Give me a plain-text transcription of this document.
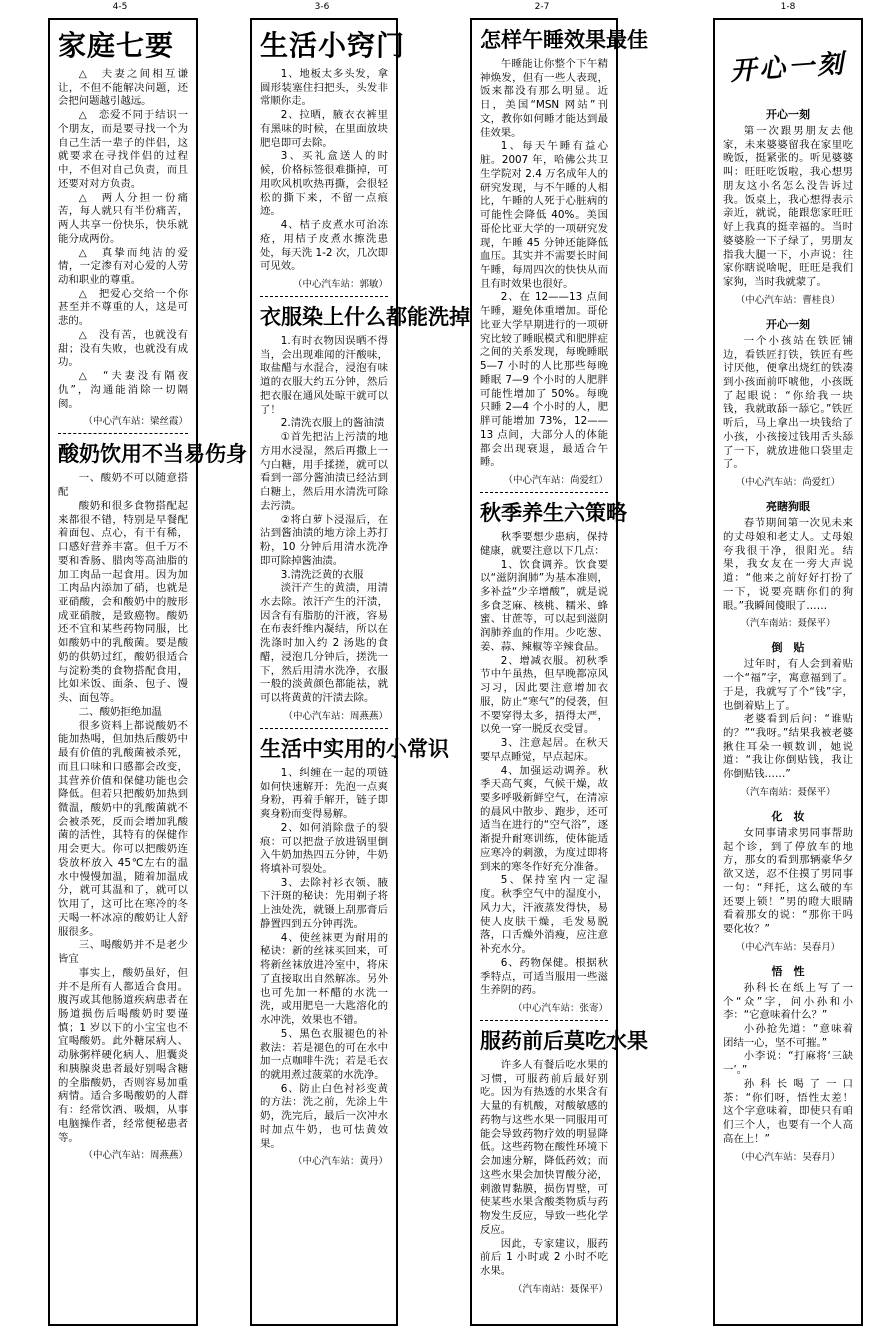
4-5	3-6	2-7	1-8
家庭七要

△　夫妻之间相互谦让，不但不能解决问题，还会把问题越引越远。

△　恋爱不同于结识一个朋友，而是要寻找一个为自己生活一辈子的伴侣，这就要求在寻找伴侣的过程中，不但对自己负责，而且还要对对方负责。

△　两人分担一份痛苦，每人就只有半份痛苦，两人共享一份快乐，快乐就能分成两份。

△　真挚而纯洁的爱情，一定渗有对心爱的人劳动和职业的尊重。

△　把爱心交给一个你甚至并不尊重的人，这是可悲的。

△　没有苦，也就没有甜；没有失败，也就没有成功。

△　“夫妻没有隔夜仇”，沟通能消除一切隔阂。

（中心汽车站：梁丝霞）
酸奶饮用不当易伤身

一、酸奶不可以随意搭配

酸奶和很多食物搭配起来都很不错，特别是早餐配着面包、点心，有干有稀，口感好营养丰富。但千万不要和香肠、腊肉等高油脂的加工肉品一起食用。因为加工肉品内添加了硝，也就是亚硝酸，会和酸奶中的胺形成亚硝胺，是致癌物。酸奶还不宜和某些药物同服，比如酸奶中的乳酸菌。要是酸奶的供奶过红，酸奶很适合与淀粉类的食物搭配食用，比如米饭、面条、包子、馒头、面包等。

二、酸奶拒绝加温

很多资料上都说酸奶不能加热喝，但加热后酸奶中最有价值的乳酸菌被杀死，而且口味和口感都会改变，其营养价值和保健功能也会降低。但若只把酸奶加热到微温，酸奶中的乳酸菌就不会被杀死，反而会增加乳酸菌的活性，其特有的保健作用会更大。你可以把酸奶连袋放杯放入 45℃左右的温水中慢慢加温，随着加温成分，就可其温和了，就可以饮用了，这可比在寒冷的冬天喝一杯冰凉的酸奶让人舒服很多。

三、喝酸奶并不是老少皆宜

事实上，酸奶虽好，但并不是所有人都适合食用。腹泻或其他肠道疾病患者在肠道损伤后喝酸奶时要谨慎；1 岁以下的小宝宝也不宜喝酸奶。此外糖尿病人、动脉粥样硬化病人、胆囊炎和胰腺炎患者最好别喝含糖的全脂酸奶，否则容易加重病情。适合多喝酸奶的人群有：经常饮酒、吸烟，从事电脑操作者，经常便秘患者等。

（中心汽车站：周燕燕）
生活小窍门

1、地板太多头发，拿圆形装塞住扫把头，头发非常顺你走。

2、拉晒，腋衣衣裤里有黑味的时候，在里面放块肥皂即可去除。

3、买礼盒送人的时候，价格标签很难撕掉，可用吹风机吹热再撕，会很轻松的撕下来，不留一点痕迹。

4、桔子皮煮水可治冻疮，用桔子皮煮水擦洗患处，每天洗 1-2 次，几次即可见效。

（中心汽车站：郭敏）
衣服染上什么都能洗掉

1.有时衣物因误晒不得当，会出现难闻的汗酸味，取盐醋与水混合，浸泡有味道的衣服大约五分钟，然后把衣服在通风处晾干就可以了！

2.清洗衣服上的酱油渍

①首先把沾上污渍的地方用水浸湿，然后再撒上一勺白糖，用手揉搓，就可以看到一部分酱油渍已经沾到白糖上，然后用水清洗可除去污渍。

②将白萝卜浸湿后，在沾到酱油渍的地方涂上苏打粉，10 分钟后用清水洗净即可除掉酱油渍。

3.清洗泛黄的衣服

淡汗产生的黄渍，用清水去除。浓汗产生的汗渍，因含有有脂肪的汗液，容易在布表纤维内凝结，所以在洗涤时加入约 2 汤匙的食醋，浸泡几分钟后，搓洗一下，然后用清水洗净，衣服一般的淡黄颜色都能祛，就可以将黄黄的汗渍去除。

（中心汽车站：周燕燕）
生活中实用的小常识

1、纠缠在一起的项链如何快速解开：先泡一点爽身粉，再着手解开，链子即爽身粉而变得易解。

2、如何消除盘子的裂痕：可以把盘子放进锅里倒入牛奶加热四五分钟，牛奶将填补可裂处。

3、去除衬衫衣领、腋下汗斑的秘诀：先用剃子将上浊处洗，就镊上刮那膏后静置四到五分钟再洗。

4、使丝袜更为耐用的秘诀：新的丝袜买回来，可将新丝袜放进冷室中，将床了直接取出自然解冻。另外也可先加一杯醋的水洗一洗，或用肥皂一大匙溶化的水冲洗，效果也不错。

5、黑色衣服褪色的补救法：若是褪色的可在水中加一点咖啡牛洗；若是毛衣的就用煮过菠菜的水洗净。

6、防止白色衬衫变黄的方法：洗之前，先涂上牛奶，洗完后，最后一次冲水时加点牛奶，也可怯黄效果。

（中心汽车站：黄丹）
怎样午睡效果最佳

午睡能让你整个下午精神焕发，但有一些人表现，饭来都没有那么明显。近日，美国“MSN 网站”刊文，教你如何睡才能达到最佳效果。

1、每天午睡有益心脏。2007 年，哈佛公共卫生学院对 2.4 万名成年人的研究发现，与不午睡的人相比，午睡的人死于心脏病的可能性会降低 40%。美国哥伦比亚大学的一项研究发现，午睡 45 分钟还能降低血压。其实并不需要长时间午睡，每周四次的快快从而且有时效果也很好。

2、在 12——13 点间午睡，避免体重增加。哥伦比亚大学早期进行的一项研究比较了睡眠模式和肥胖症之间的关系发现，每晚睡眠 5—7 小时的人比那些每晚睡眠 7—9 个小时的人肥胖可能性增加了 50%。每晚只睡 2—4 个小时的人，肥胖可能增加 73%，12——13 点间，大部分人的体能都会出现衰退，最适合午睡。

（中心汽车站：尚爱红）
秋季养生六策略

秋季要想少患病，保持健康，就要注意以下几点：

1、饮食调养。饮食要以“滋阴润肺”为基本准则，多补益“少辛增酸”，就是说多食芝麻、核桃、糯米、蜂蜜、甘蔗等，可以起到滋阴润肺养血的作用。少吃葱、姜、蒜、辣椒等辛辣食品。

2、增减衣服。初秋季节中午虽热，但早晚都凉风习习，因此要注意增加衣服，防止“寒气”的侵袭，但不要穿得太多，捂得太严，以免一穿一脱反衣受冒。

3、注意起居。在秋天要早点睡觉，早点起床。

4、加强运动调养。秋季天高气爽，气候干燥，故要多呼吸新鲜空气，在清凉的晨风中散步、跑步，还可适当在进行的“空气浴”，逐渐提升耐寒训练，使体能适应寒冷的刺激，为度过即将到来的寒冬作好充分准备。

5、保持室内一定湿度。秋季空气中的湿度小，风力大，汗液蒸发得快，易使人皮肤干燥，毛发易脱落，口舌燥外消瘦，应注意补充水分。

6、药物保健。根据秋季特点，可适当服用一些滋生养阴的药。

（中心汽车站：张寄）
服药前后莫吃水果

许多人有餐后吃水果的习惯，可服药前后最好别吃。因为有热透的水果含有大量的有机酸，对酸敏感的药物与这些水果一同服用可能会导致药物疗效的明显降低。这些药物在酸性环境下会加速分解，降低药效；而这些水果会加快胃酸分泌，刺激胃黏膜，损伤胃壁，可使某些水果含酸类物质与药物发生反应，导致一些化学反应。

因此，专家建议，服药前后 1 小时或 2 小时不吃水果。

（汽车南站：聂保平）
开心一刻
开心一刻

第一次跟男朋友去他家，未来婆婆留我在家里吃晚饭，挺紧张的。听见婆婆叫：旺旺吃饭啦，我心想男朋友这小名怎么没告诉过我。饭桌上，我心想得表示亲近，就说，能跟您家旺旺好上我真的挺幸福的。当时婆婆脸一下子绿了，男朋友指我大腿一下，小声说：往家你瞎说啥呢，旺旺是我们家狗，当时我就蒙了。

（中心汽车站：曹桂良）
开心一刻

一个小孩站在铁匠铺边，看铁匠打铁，铁匠有些讨厌他，便拿出烧红的铁凑到小孩面前吓唬他，小孩既了起眼说：“你给我一块钱，我就敢舔一舔它。”铁匠听后，马上拿出一块钱给了小孩，小孩接过钱用舌头舔了一下，就放进他口袋里走了。

（中心汽车站：尚爱红）
亮瞎狗眼

春节期间第一次见未来的丈母娘和老丈人。丈母娘夸我很干净，很阳光。结果，我女友在一旁大声说道：“他来之前好好打扮了一下，说要亮瞎你们的狗眼。”我瞬间傻眼了……

（汽车南站：聂保平）
倒　贴

过年时，有人会到着贴一个“福”字，寓意福到了。于是，我就写了个“钱”字，也倒着贴上了。

老婆看到后问：“谁贴的？”“我呀。”结果我被老婆揪住耳朵一顿数训，她说道：“我让你倒贴钱，我让你倒贴钱……”

（汽车南站：聂保平）
化　妆

女同事请求男同事帮助起个诊，到了停放车的地方，那女的看到那辆豪华夕欲又送，忍不住摸了男同事一句：“拜托，这么破的车还要上锁！”男的瞪大眼睛看着那女的说：“那你干吗要化妆？”

（中心汽车站：吴春月）
悟　性

孙科长在纸上写了一个“众”字，问小孙和小李：“它意味着什么？”

小孙抢先道：“意味着团结一心，坚不可摧。”

小李说：“打麻将‘三缺一’。”

孙科长喝了一口茶：“你们呀，悟性太差！这个字意味着，即使只有咱们三个人，也要有一个人高高在上！”

（中心汽车站：吴春月）
